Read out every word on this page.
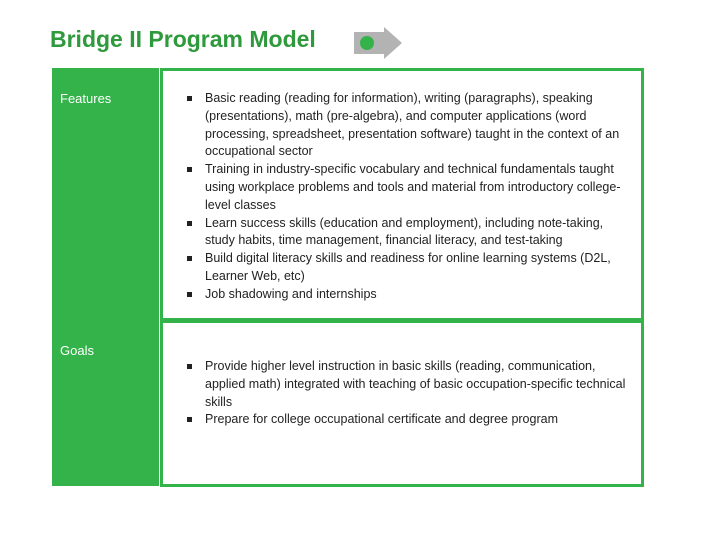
Bridge II Program Model
Features
Goals
Basic reading (reading for information), writing (paragraphs), speaking (presentations), math (pre-algebra), and computer applications (word processing, spreadsheet, presentation software) taught in the context of an occupational sector
Training in industry-specific vocabulary and technical fundamentals taught using workplace problems and tools and material from introductory college-level classes
Learn success skills (education and employment), including note-taking, study habits, time management, financial literacy, and test-taking
Build digital literacy skills and readiness for online learning systems (D2L, Learner Web, etc)
Job shadowing and internships
Provide higher level instruction in basic skills (reading, communication, applied math) integrated with teaching of basic occupation-specific technical skills
Prepare for college occupational certificate and degree program
